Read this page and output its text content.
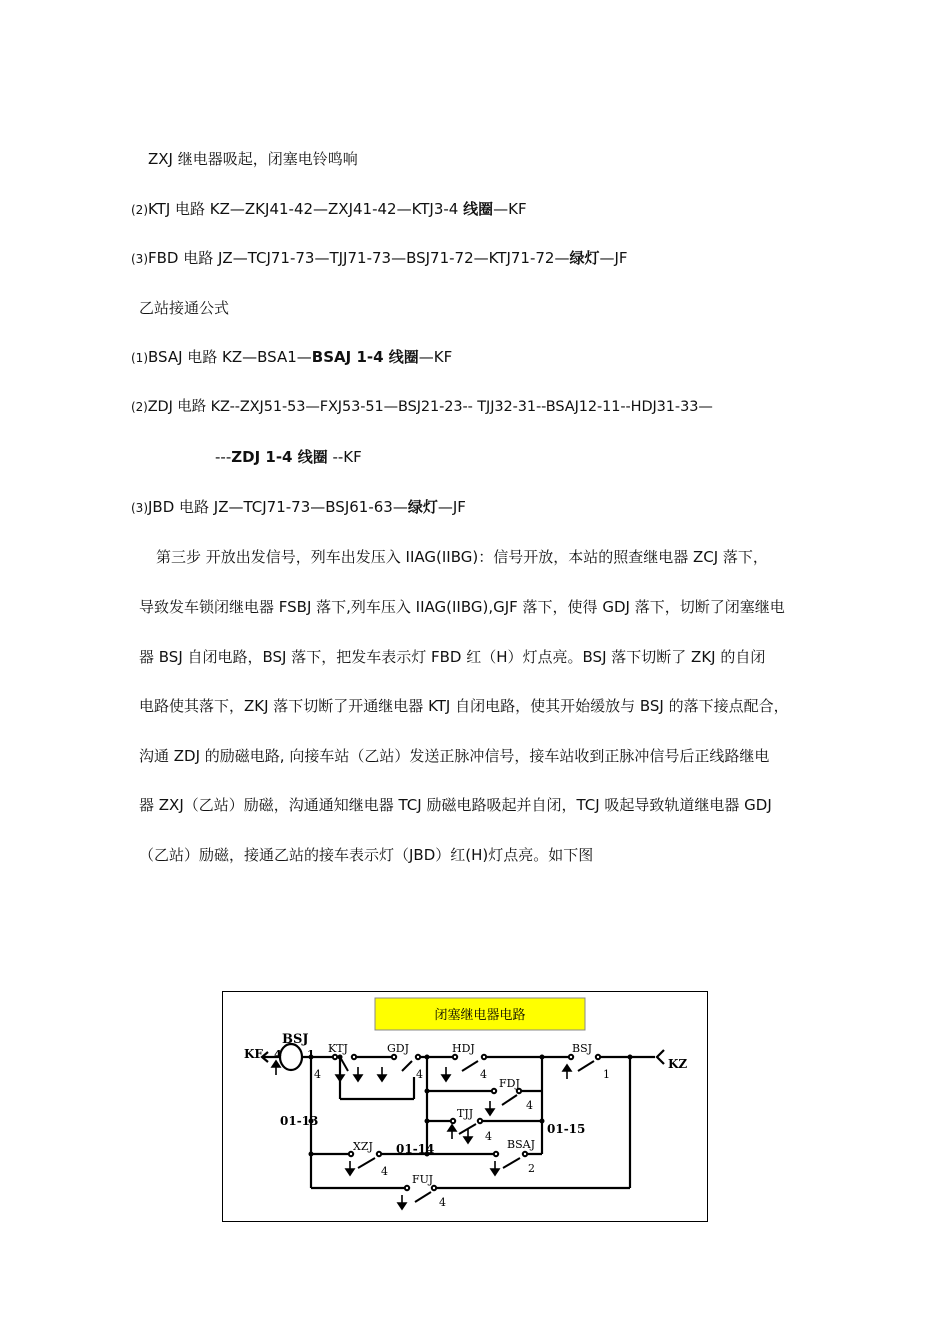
ZXJ 继电器吸起，闭塞电铃鸣响
(2)KTJ 电路 KZ—ZKJ41-42—ZXJ41-42—KTJ3-4 线圈—KF
(3)FBD 电路 JZ—TCJ71-73—TJJ71-73—BSJ71-72—KTJ71-72—绿灯—JF
乙站接通公式
(1)BSAJ 电路 KZ—BSA1—BSAJ 1-4 线圈—KF
(2)ZDJ 电路 KZ--ZXJ51-53—FXJ53-51—BSJ21-23-- TJJ32-31--BSAJ12-11--HDJ31-33—
---ZDJ 1-4 线圈 --KF
(3)JBD 电路 JZ—TCJ71-73—BSJ61-63—绿灯—JF
第三步 开放出发信号，列车出发压入 IIAG(IIBG)：信号开放，本站的照查继电器 ZCJ 落下，
导致发车锁闭继电器 FSBJ 落下,列车压入 IIAG(IIBG),GJF 落下，使得 GDJ 落下，切断了闭塞继电
器 BSJ 自闭电路，BSJ 落下，把发车表示灯 FBD 红（H）灯点亮。BSJ 落下切断了 ZKJ 的自闭
电路使其落下，ZKJ 落下切断了开通继电器 KTJ 自闭电路，使其开始缓放与 BSJ 的落下接点配合，
沟通 ZDJ 的励磁电路, 向接车站（乙站）发送正脉冲信号，接车站收到正脉冲信号后正线路继电
器 ZXJ（乙站）励磁，沟通通知继电器 TCJ 励磁电路吸起并自闭，TCJ 吸起导致轨道继电器 GDJ
（乙站）励磁，接通乙站的接车表示灯（JBD）红(H)灯点亮。如下图
闭塞继电器电路
KF
KZ
BSJ
4 1 KTJ
4
GDJ
4
HDJ
4
BSJ
1
FDJ
4
TJJ
4
XZJ
4
BSAJ
2
FUJ
4
01-13
01-14
01-15
